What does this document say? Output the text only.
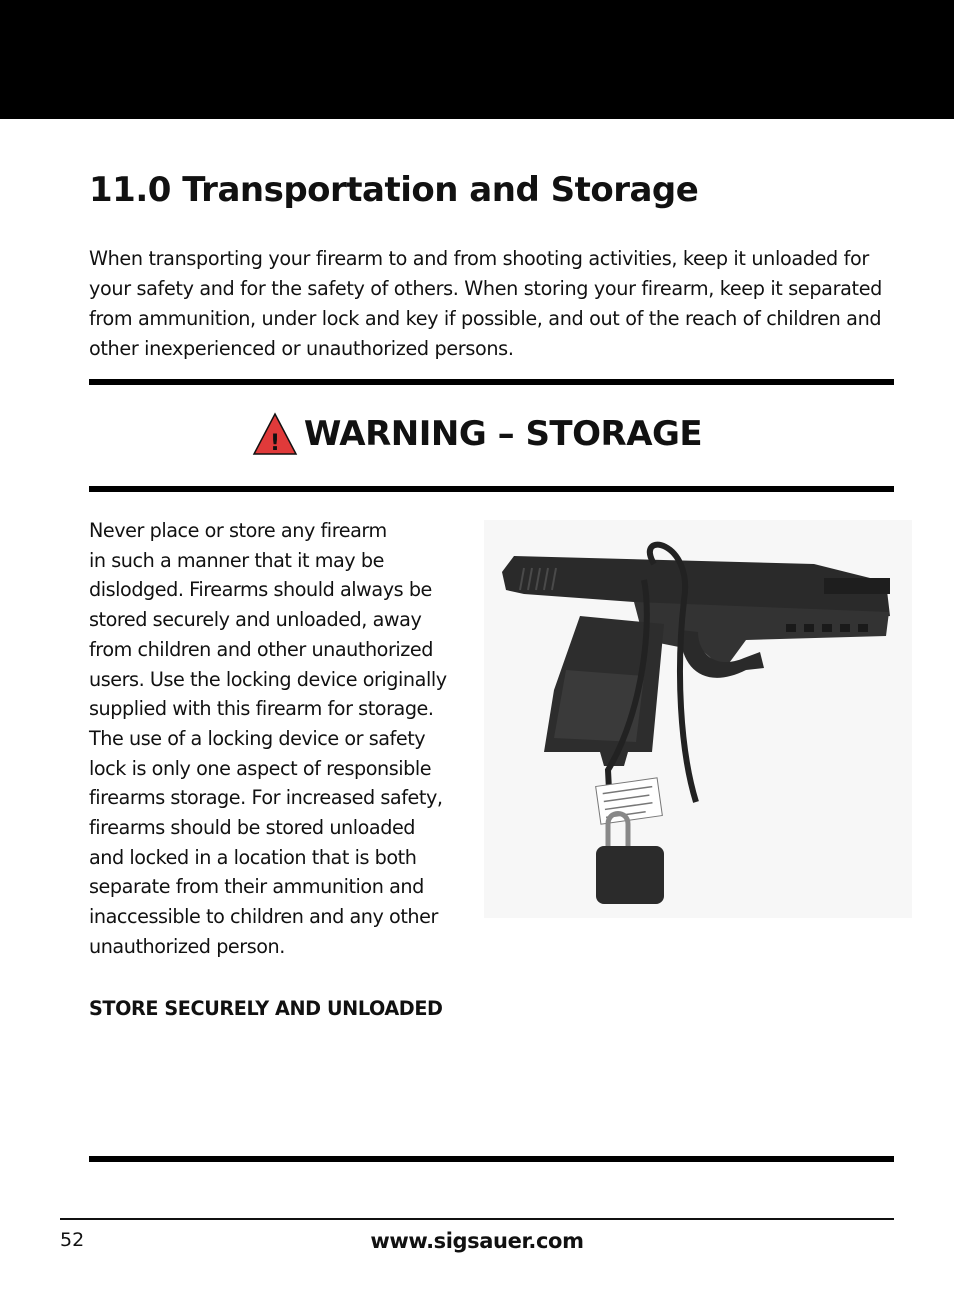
11.0 Transportation and Storage

When transporting your firearm to and from shooting activities, keep it unloaded for your safety and for the safety of others. When storing your firearm, keep it separated from ammunition, under lock and key if possible, and out of the reach of children and other inexperienced or unauthorized persons.

! WARNING – STORAGE

Never place or store any firearm
in such a manner that it may be
dislodged. Firearms should always be
stored securely and unloaded, away
from children and other unauthorized
users. Use the locking device originally
supplied with this firearm for storage.
The use of a locking device or safety
lock is only one aspect of responsible
firearms storage. For increased safety,
firearms should be stored unloaded
and locked in a location that is both
separate from their ammunition and
inaccessible to children and any other
unauthorized person.

STORE SECURELY AND UNLOADED

52	www.sigsauer.com
